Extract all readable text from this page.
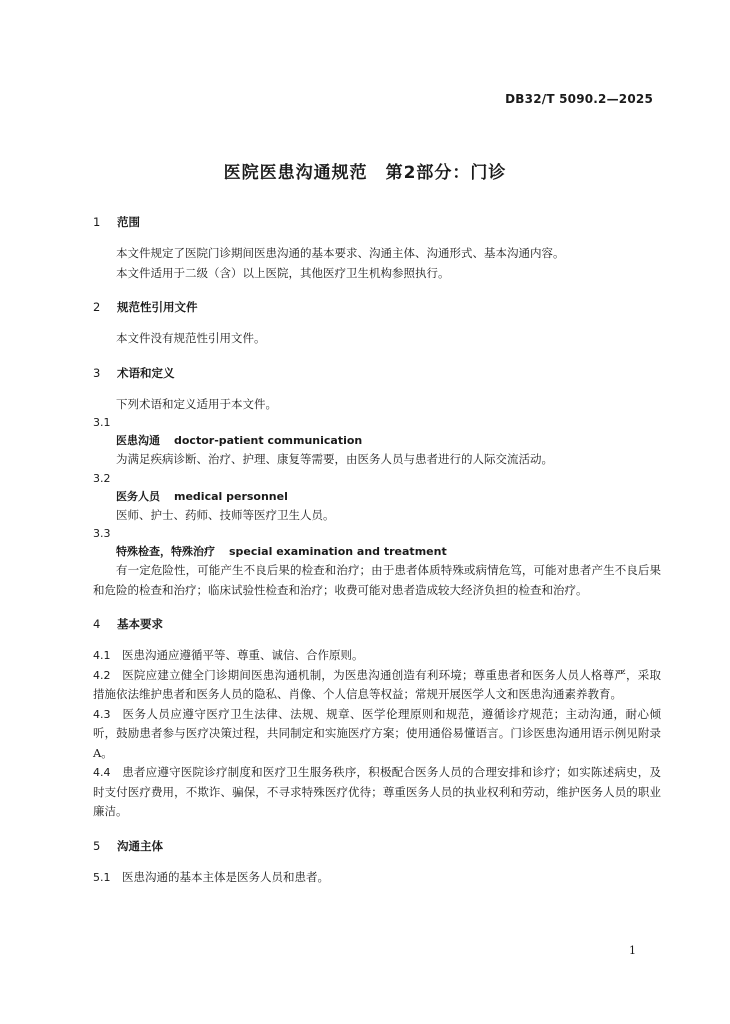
DB32/T 5090.2—2025
医院医患沟通规范　第2部分：门诊
1 范围
本文件规定了医院门诊期间医患沟通的基本要求、沟通主体、沟通形式、基本沟通内容。
本文件适用于二级（含）以上医院，其他医疗卫生机构参照执行。
2 规范性引用文件
本文件没有规范性引用文件。
3 术语和定义
下列术语和定义适用于本文件。
3.1
医患沟通 doctor-patient communication
为满足疾病诊断、治疗、护理、康复等需要，由医务人员与患者进行的人际交流活动。
3.2
医务人员 medical personnel
医师、护士、药师、技师等医疗卫生人员。
3.3
特殊检查，特殊治疗 special examination and treatment
有一定危险性，可能产生不良后果的检查和治疗；由于患者体质特殊或病情危笃，可能对患者产生不良后果和危险的检查和治疗；临床试验性检查和治疗；收费可能对患者造成较大经济负担的检查和治疗。
4 基本要求
4.1 医患沟通应遵循平等、尊重、诚信、合作原则。
4.2 医院应建立健全门诊期间医患沟通机制，为医患沟通创造有利环境；尊重患者和医务人员人格尊严，采取措施依法维护患者和医务人员的隐私、肖像、个人信息等权益；常规开展医学人文和医患沟通素养教育。
4.3 医务人员应遵守医疗卫生法律、法规、规章、医学伦理原则和规范，遵循诊疗规范；主动沟通，耐心倾听，鼓励患者参与医疗决策过程，共同制定和实施医疗方案；使用通俗易懂语言。门诊医患沟通用语示例见附录A。
4.4 患者应遵守医院诊疗制度和医疗卫生服务秩序，积极配合医务人员的合理安排和诊疗；如实陈述病史，及时支付医疗费用，不欺诈、骗保，不寻求特殊医疗优待；尊重医务人员的执业权利和劳动，维护医务人员的职业廉洁。
5 沟通主体
5.1 医患沟通的基本主体是医务人员和患者。
1
